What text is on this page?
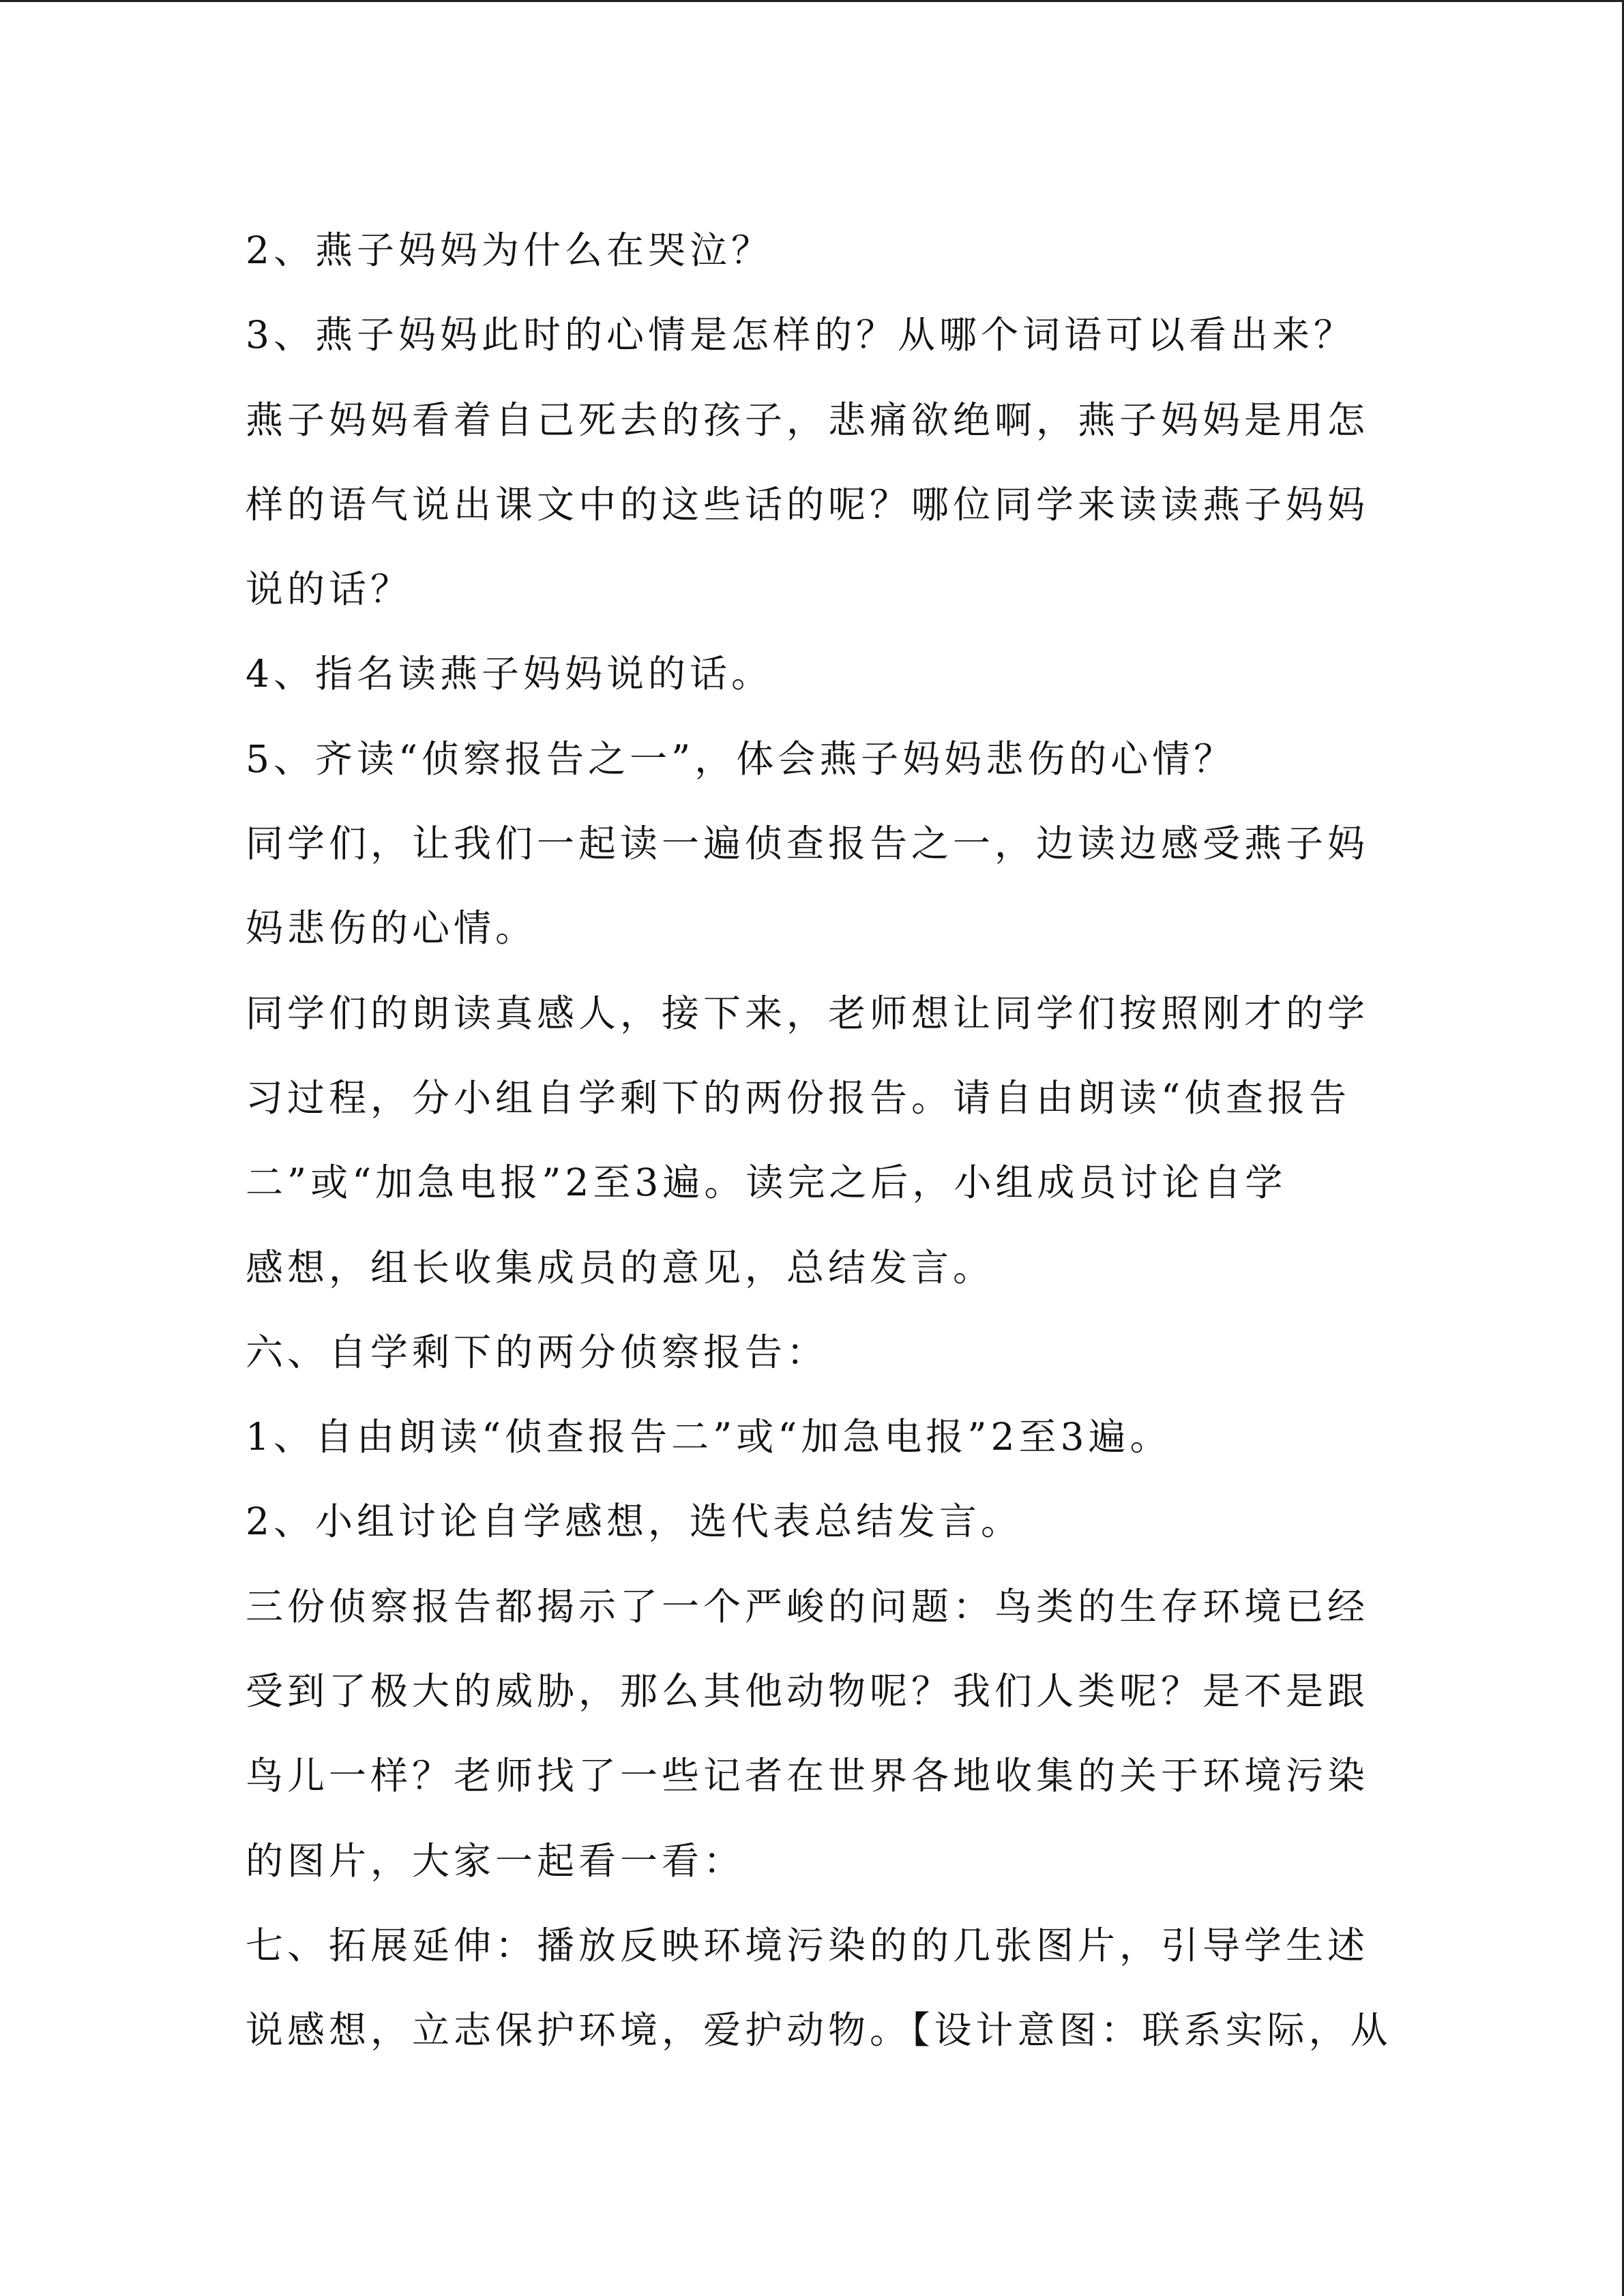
2、燕子妈妈为什么在哭泣？

3、燕子妈妈此时的心情是怎样的？从哪个词语可以看出来？

燕子妈妈看着自己死去的孩子，悲痛欲绝啊，燕子妈妈是用怎

样的语气说出课文中的这些话的呢？哪位同学来读读燕子妈妈

说的话？

4、指名读燕子妈妈说的话。

5、齐读“侦察报告之一”，体会燕子妈妈悲伤的心情？

同学们，让我们一起读一遍侦查报告之一，边读边感受燕子妈

妈悲伤的心情。

同学们的朗读真感人，接下来，老师想让同学们按照刚才的学

习过程，分小组自学剩下的两份报告。请自由朗读“侦查报告

二”或“加急电报”2至3遍。读完之后，小组成员讨论自学

感想，组长收集成员的意见，总结发言。

六、自学剩下的两分侦察报告：

1、自由朗读“侦查报告二”或“加急电报”2至3遍。

2、小组讨论自学感想，选代表总结发言。

三份侦察报告都揭示了一个严峻的问题：鸟类的生存环境已经

受到了极大的威胁，那么其他动物呢？我们人类呢？是不是跟

鸟儿一样？老师找了一些记者在世界各地收集的关于环境污染

的图片，大家一起看一看：

七、拓展延伸：播放反映环境污染的的几张图片，引导学生述

说感想，立志保护环境，爱护动物。【设计意图：联系实际，从
